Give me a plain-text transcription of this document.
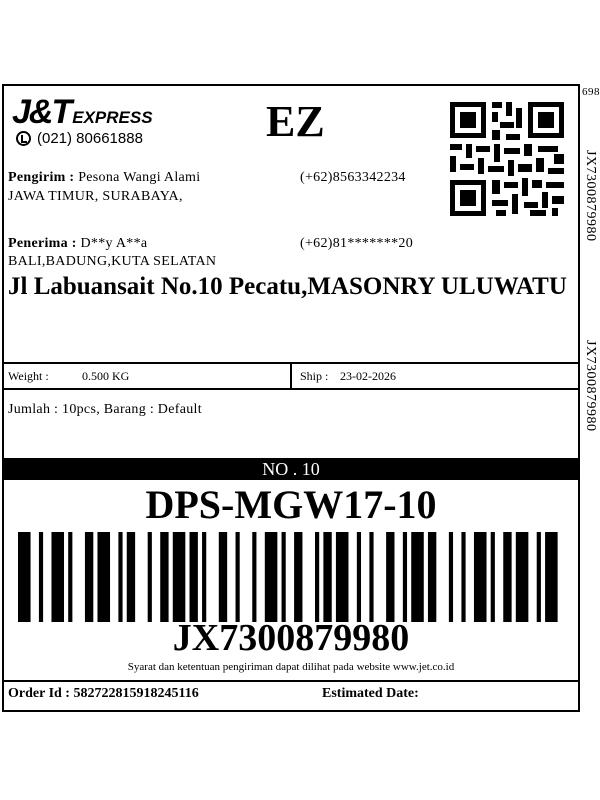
698
JX7300879980
JX7300879980
J&T EXPRESS
(021) 80661888	EZ
Pengirim : Pesona Wangi Alami
JAWA TIMUR, SURABAYA,
(+62)8563342234
Penerima : D**y A**a
BALI,BADUNG,KUTA SELATAN
(+62)81*******20
Jl Labuansait No.10 Pecatu,MASONRY ULUWATU
Weight :	0.500 KG	Ship : 23-02-2026
Jumlah : 10pcs, Barang : Default
NO . 10
DPS-MGW17-10
JX7300879980
Syarat dan ketentuan pengiriman dapat dilihat pada website www.jet.co.id
Order Id : 582722815918245116	Estimated Date:
